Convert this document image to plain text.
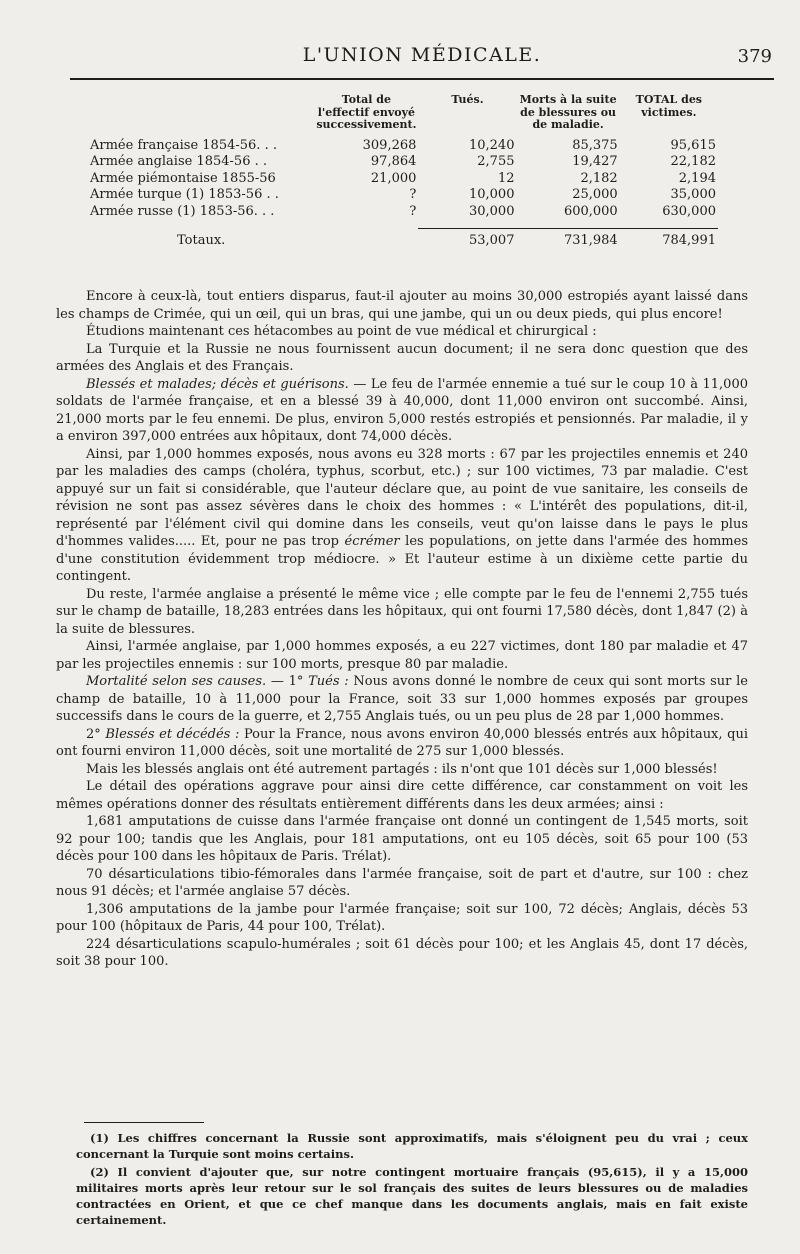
L'UNION MÉDICALE.	379
	Total de l'effectif envoyé successivement.	Tués.	Morts à la suite de blessures ou de maladie.	TOTAL des victimes.
Armée française 1854-56. . .	309,268	10,240	85,375	95,615
Armée anglaise 1854-56 . .	97,864	2,755	19,427	22,182
Armée piémontaise 1855-56	21,000	12	2,182	2,194
Armée turque (1) 1853-56 . .	?	10,000	25,000	35,000
Armée russe (1) 1853-56. . .	?	30,000	600,000	630,000

Totaux.		53,007	731,984	784,991

Encore à ceux-là, tout entiers disparus, faut-il ajouter au moins 30,000 estropiés ayant laissé dans les champs de Crimée, qui un œil, qui un bras, qui une jambe, qui un ou deux pieds, qui plus encore!

Étudions maintenant ces hétacombes au point de vue médical et chirurgical :

La Turquie et la Russie ne nous fournissent aucun document; il ne sera donc question que des armées des Anglais et des Français.

Blessés et malades; décès et guérisons. — Le feu de l'armée ennemie a tué sur le coup 10 à 11,000 soldats de l'armée française, et en a blessé 39 à 40,000, dont 11,000 environ ont succombé. Ainsi, 21,000 morts par le feu ennemi. De plus, environ 5,000 restés estropiés et pensionnés. Par maladie, il y a environ 397,000 entrées aux hôpitaux, dont 74,000 décès.

Ainsi, par 1,000 hommes exposés, nous avons eu 328 morts : 67 par les projectiles ennemis et 240 par les maladies des camps (choléra, typhus, scorbut, etc.) ; sur 100 victimes, 73 par maladie. C'est appuyé sur un fait si considérable, que l'auteur déclare que, au point de vue sanitaire, les conseils de révision ne sont pas assez sévères dans le choix des hommes : « L'intérêt des populations, dit-il, représenté par l'élément civil qui domine dans les conseils, veut qu'on laisse dans le pays le plus d'hommes valides..... Et, pour ne pas trop écrémer les populations, on jette dans l'armée des hommes d'une constitution évidemment trop médiocre. » Et l'auteur estime à un dixième cette partie du contingent.

Du reste, l'armée anglaise a présenté le même vice ; elle compte par le feu de l'ennemi 2,755 tués sur le champ de bataille, 18,283 entrées dans les hôpitaux, qui ont fourni 17,580 décès, dont 1,847 (2) à la suite de blessures.

Ainsi, l'armée anglaise, par 1,000 hommes exposés, a eu 227 victimes, dont 180 par maladie et 47 par les projectiles ennemis : sur 100 morts, presque 80 par maladie.

Mortalité selon ses causes. — 1° Tués : Nous avons donné le nombre de ceux qui sont morts sur le champ de bataille, 10 à 11,000 pour la France, soit 33 sur 1,000 hommes exposés par groupes successifs dans le cours de la guerre, et 2,755 Anglais tués, ou un peu plus de 28 par 1,000 hommes.

2° Blessés et décédés : Pour la France, nous avons environ 40,000 blessés entrés aux hôpitaux, qui ont fourni environ 11,000 décès, soit une mortalité de 275 sur 1,000 blessés.

Mais les blessés anglais ont été autrement partagés : ils n'ont que 101 décès sur 1,000 blessés!

Le détail des opérations aggrave pour ainsi dire cette différence, car constamment on voit les mêmes opérations donner des résultats entièrement différents dans les deux armées; ainsi :

1,681 amputations de cuisse dans l'armée française ont donné un contingent de 1,545 morts, soit 92 pour 100; tandis que les Anglais, pour 181 amputations, ont eu 105 décès, soit 65 pour 100 (53 décès pour 100 dans les hôpitaux de Paris. Trélat).

70 désarticulations tibio-fémorales dans l'armée française, soit de part et d'autre, sur 100 : chez nous 91 décès; et l'armée anglaise 57 décès.

1,306 amputations de la jambe pour l'armée française; soit sur 100, 72 décès; Anglais, décès 53 pour 100 (hôpitaux de Paris, 44 pour 100, Trélat).

224 désarticulations scapulo-humérales ; soit 61 décès pour 100; et les Anglais 45, dont 17 décès, soit 38 pour 100.

(1) Les chiffres concernant la Russie sont approximatifs, mais s'éloignent peu du vrai ; ceux concernant la Turquie sont moins certains.

(2) Il convient d'ajouter que, sur notre contingent mortuaire français (95,615), il y a 15,000 militaires morts après leur retour sur le sol français des suites de leurs blessures ou de maladies contractées en Orient, et que ce chef manque dans les documents anglais, mais en fait existe certainement.
